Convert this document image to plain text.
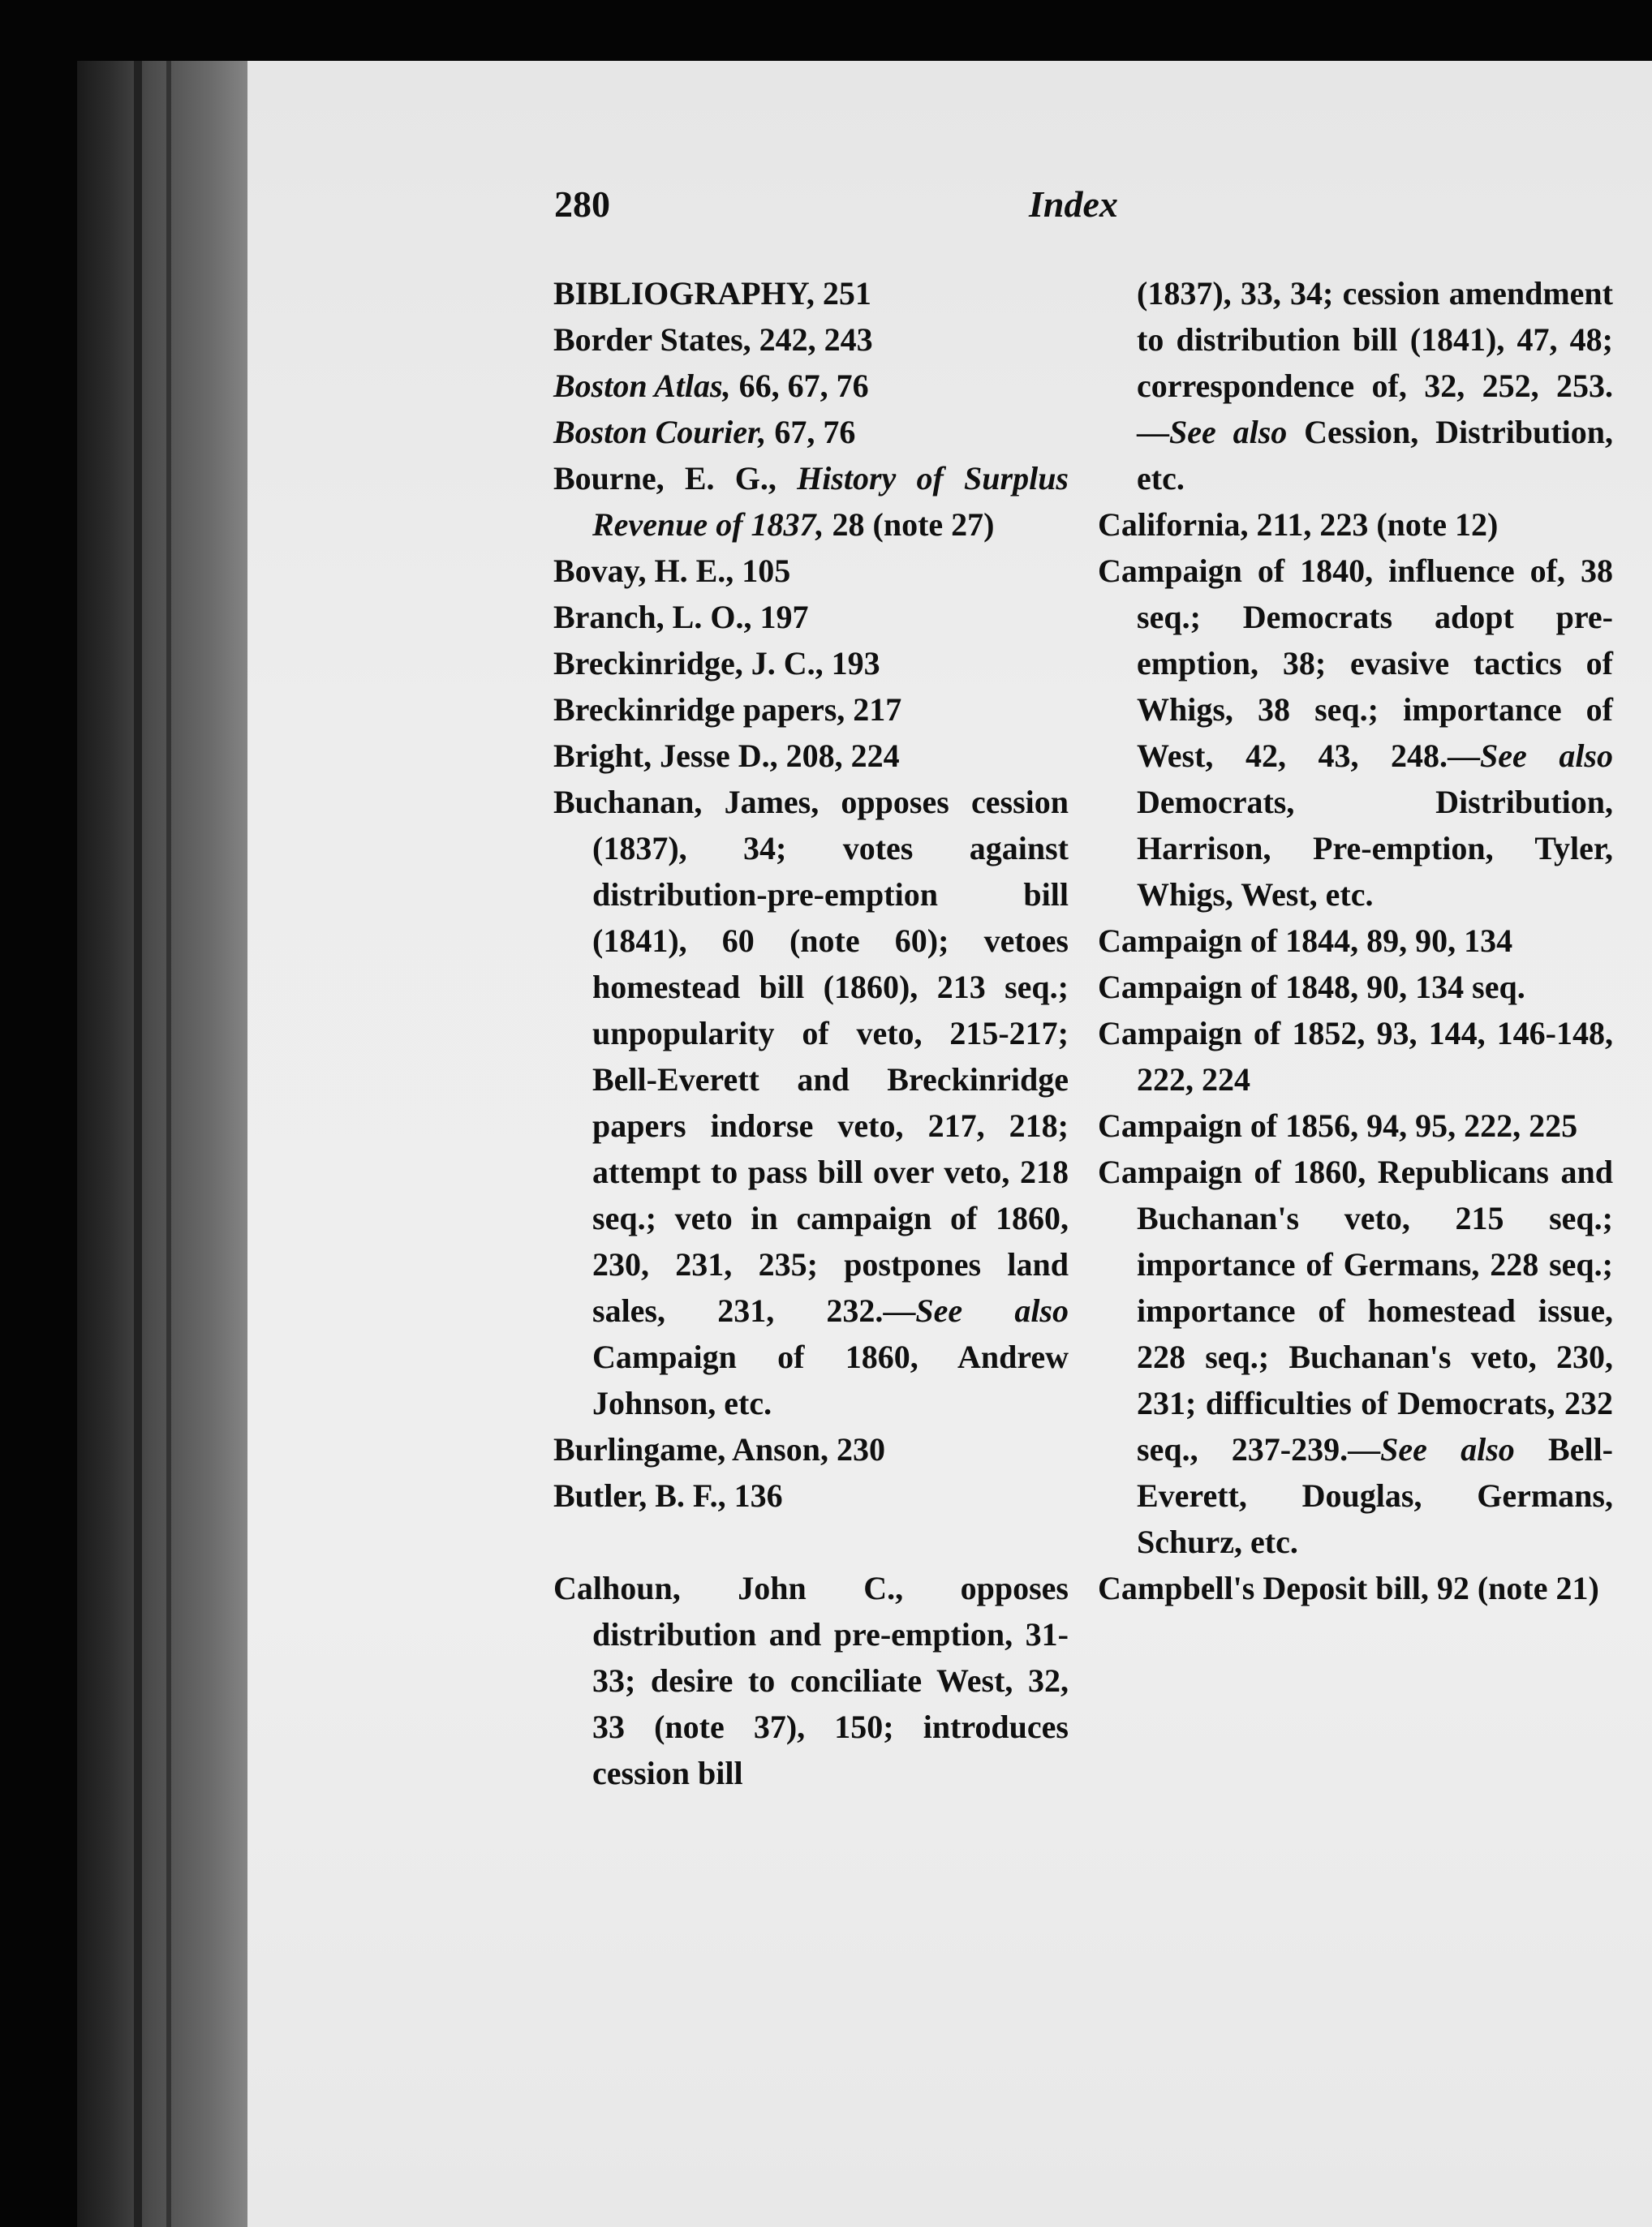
280	Index

BIBLIOGRAPHY, 251

Border States, 242, 243

Boston Atlas, 66, 67, 76

Boston Courier, 67, 76

Bourne, E. G., History of Surplus Revenue of 1837, 28 (note 27)

Bovay, H. E., 105

Branch, L. O., 197

Breckinridge, J. C., 193

Breckinridge papers, 217

Bright, Jesse D., 208, 224

Buchanan, James, opposes cession (1837), 34; votes against distribution-pre-emption bill (1841), 60 (note 60); vetoes homestead bill (1860), 213 seq.; unpopularity of veto, 215-217; Bell-Everett and Breckinridge papers indorse veto, 217, 218; attempt to pass bill over veto, 218 seq.; veto in campaign of 1860, 230, 231, 235; postpones land sales, 231, 232.—See also Campaign of 1860, Andrew Johnson, etc.

Burlingame, Anson, 230

Butler, B. F., 136

Calhoun, John C., opposes distribution and pre-emption, 31-33; desire to conciliate West, 32, 33 (note 37), 150; introduces cession bill

(1837), 33, 34; cession amendment to distribution bill (1841), 47, 48; correspondence of, 32, 252, 253. —See also Cession, Distribution, etc.

California, 211, 223 (note 12)

Campaign of 1840, influence of, 38 seq.; Democrats adopt pre-emption, 38; evasive tactics of Whigs, 38 seq.; importance of West, 42, 43, 248.—See also Democrats, Distribution, Harrison, Pre-emption, Tyler, Whigs, West, etc.

Campaign of 1844, 89, 90, 134

Campaign of 1848, 90, 134 seq.

Campaign of 1852, 93, 144, 146-148, 222, 224

Campaign of 1856, 94, 95, 222, 225

Campaign of 1860, Republicans and Buchanan's veto, 215 seq.; importance of Germans, 228 seq.; importance of homestead issue, 228 seq.; Buchanan's veto, 230, 231; difficulties of Democrats, 232 seq., 237-239.—See also Bell-Everett, Douglas, Germans, Schurz, etc.

Campbell's Deposit bill, 92 (note 21)
